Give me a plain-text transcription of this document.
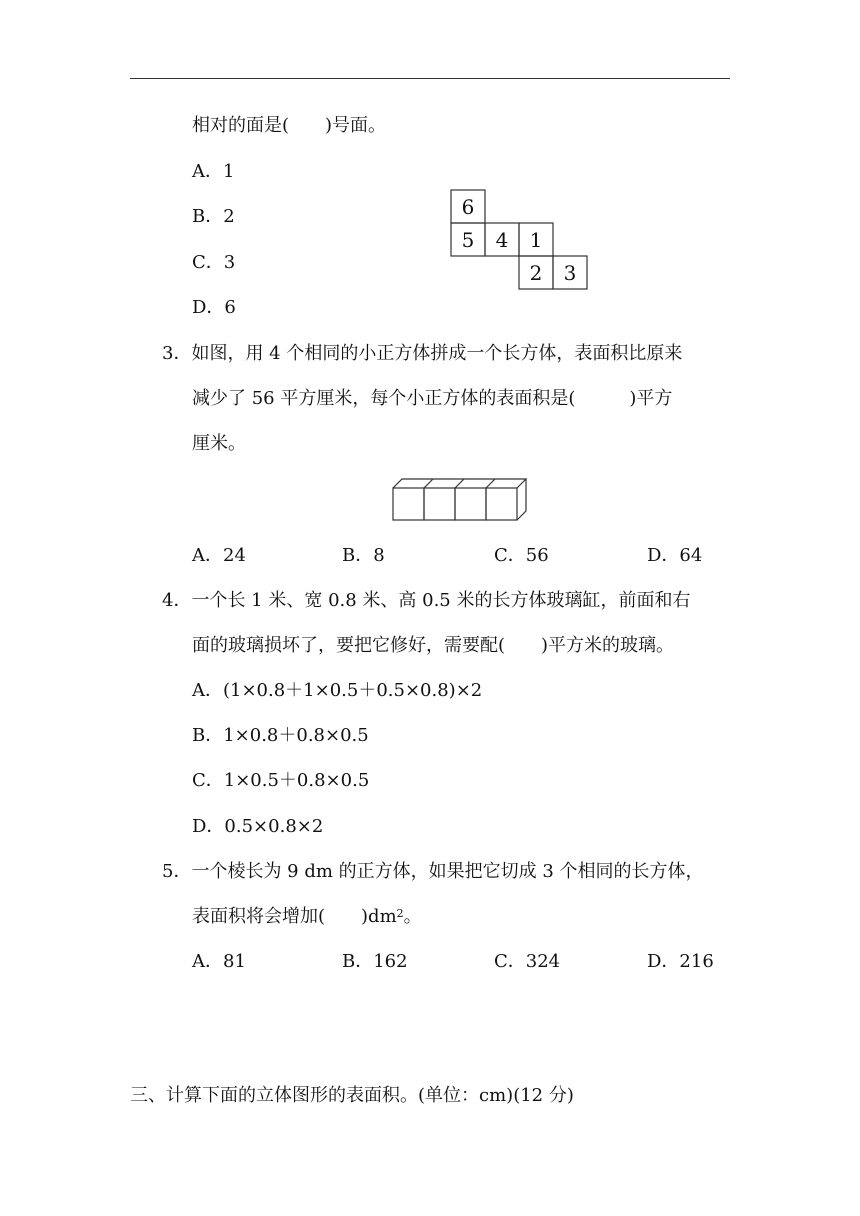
相对的面是(　　)号面。
A．1
B．2
C．3
D．6
6
5 4 1
2 3
3．如图，用 4 个相同的小正方体拼成一个长方体，表面积比原来
减少了 56 平方厘米，每个小正方体的表面积是(　　　)平方
厘米。
A．24	B．8	C．56	D．64
4．一个长 1 米、宽 0.8 米、高 0.5 米的长方体玻璃缸，前面和右
面的玻璃损坏了，要把它修好，需要配(　　)平方米的玻璃。
A．(1×0.8＋1×0.5＋0.5×0.8)×2
B．1×0.8＋0.8×0.5
C．1×0.5＋0.8×0.5
D．0.5×0.8×2
5．一个棱长为 9 dm 的正方体，如果把它切成 3 个相同的长方体，
表面积将会增加(　　)$dm^2$。
A．81	B．162	C．324	D．216
三、计算下面的立体图形的表面积。(单位：cm)(12 分)
